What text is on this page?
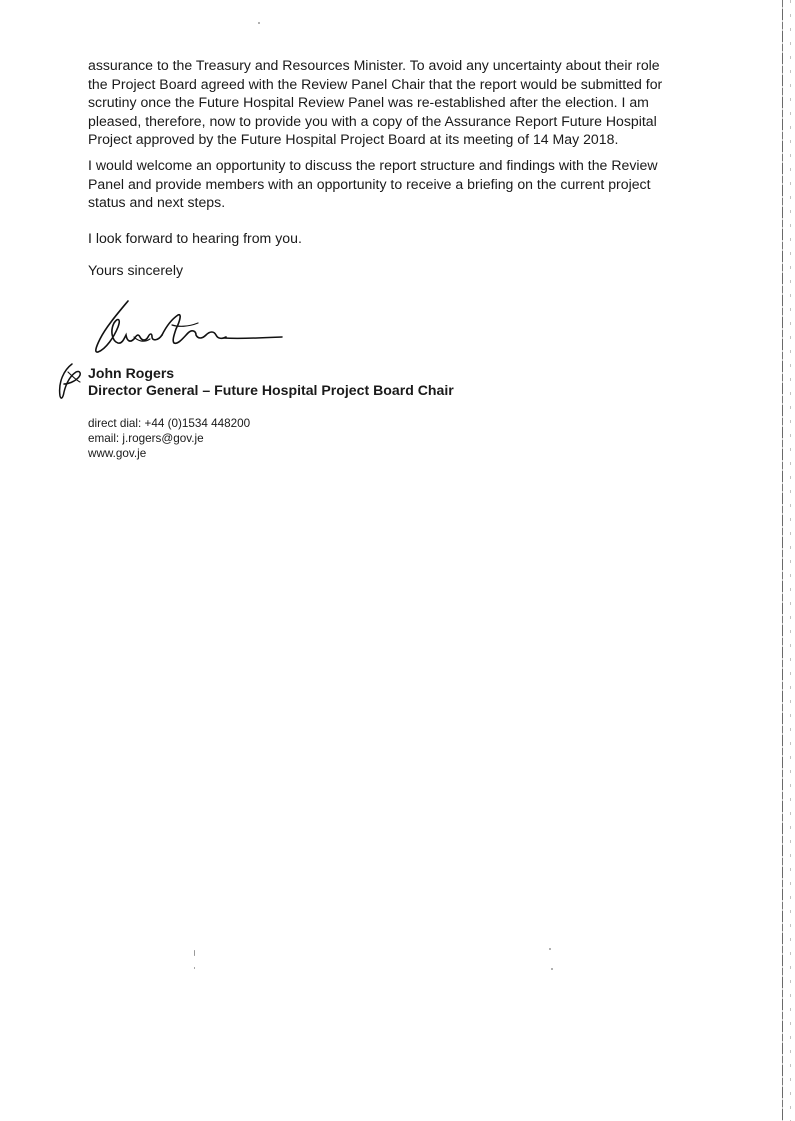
assurance to the Treasury and Resources Minister. To avoid any uncertainty about their role
the Project Board agreed with the Review Panel Chair that the report would be submitted for
scrutiny once the Future Hospital Review Panel was re-established after the election. I am
pleased, therefore, now to provide you with a copy of the Assurance Report Future Hospital
Project approved by the Future Hospital Project Board at its meeting of 14 May 2018.

I would welcome an opportunity to discuss the report structure and findings with the Review
Panel and provide members with an opportunity to receive a briefing on the current project
status and next steps.

I look forward to hearing from you.

Yours sincerely

John Rogers

Director General – Future Hospital Project Board Chair

direct dial: +44 (0)1534 448200
email: j.rogers@gov.je
www.gov.je
